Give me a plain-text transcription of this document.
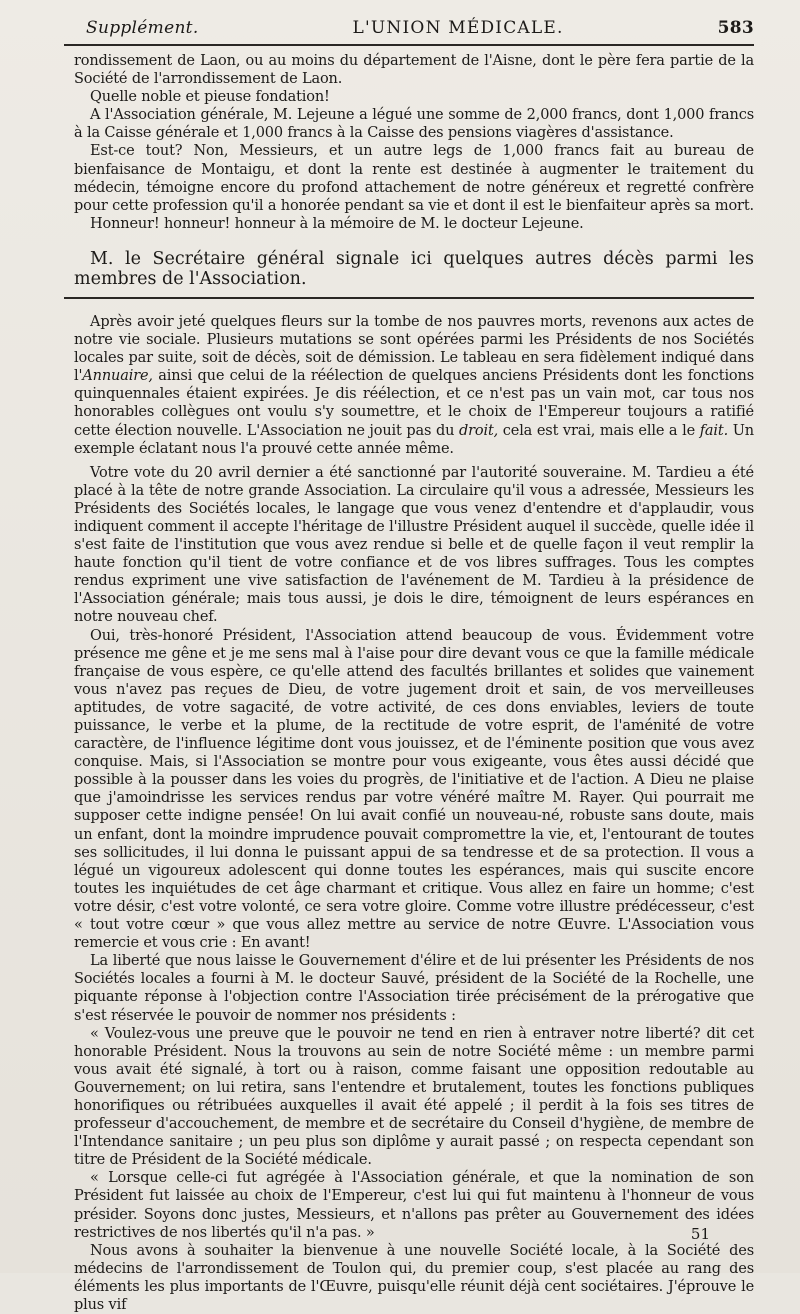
Supplément.	L'UNION MÉDICALE.	583

rondissement de Laon, ou au moins du département de l'Aisne, dont le père fera partie de la Société de l'arrondissement de Laon.

Quelle noble et pieuse fondation!

A l'Association générale, M. Lejeune a légué une somme de 2,000 francs, dont 1,000 francs à la Caisse générale et 1,000 francs à la Caisse des pensions viagères d'assistance.

Est-ce tout? Non, Messieurs, et un autre legs de 1,000 francs fait au bureau de bienfaisance de Montaigu, et dont la rente est destinée à augmenter le traitement du médecin, témoigne encore du profond attachement de notre généreux et regretté confrère pour cette profession qu'il a honorée pendant sa vie et dont il est le bienfaiteur après sa mort.

Honneur! honneur! honneur à la mémoire de M. le docteur Lejeune.

M. le Secrétaire général signale ici quelques autres décès parmi les membres de l'Association.

Après avoir jeté quelques fleurs sur la tombe de nos pauvres morts, revenons aux actes de notre vie sociale. Plusieurs mutations se sont opérées parmi les Présidents de nos Sociétés locales par suite, soit de décès, soit de démission. Le tableau en sera fidèlement indiqué dans l'Annuaire, ainsi que celui de la réélection de quelques anciens Présidents dont les fonctions quinquennales étaient expirées. Je dis réélection, et ce n'est pas un vain mot, car tous nos honorables collègues ont voulu s'y soumettre, et le choix de l'Empereur toujours a ratifié cette élection nouvelle. L'Association ne jouit pas du droit, cela est vrai, mais elle a le fait. Un exemple éclatant nous l'a prouvé cette année même.

Votre vote du 20 avril dernier a été sanctionné par l'autorité souveraine. M. Tardieu a été placé à la tête de notre grande Association. La circulaire qu'il vous a adressée, Messieurs les Présidents des Sociétés locales, le langage que vous venez d'entendre et d'applaudir, vous indiquent comment il accepte l'héritage de l'illustre Président auquel il succède, quelle idée il s'est faite de l'institution que vous avez rendue si belle et de quelle façon il veut remplir la haute fonction qu'il tient de votre confiance et de vos libres suffrages. Tous les comptes rendus expriment une vive satisfaction de l'avénement de M. Tardieu à la présidence de l'Association générale; mais tous aussi, je dois le dire, témoignent de leurs espérances en notre nouveau chef.

Oui, très-honoré Président, l'Association attend beaucoup de vous. Évidemment votre présence me gêne et je me sens mal à l'aise pour dire devant vous ce que la famille médicale française de vous espère, ce qu'elle attend des facultés brillantes et solides que vainement vous n'avez pas reçues de Dieu, de votre jugement droit et sain, de vos merveilleuses aptitudes, de votre sagacité, de votre activité, de ces dons enviables, leviers de toute puissance, le verbe et la plume, de la rectitude de votre esprit, de l'aménité de votre caractère, de l'influence légitime dont vous jouissez, et de l'éminente position que vous avez conquise. Mais, si l'Association se montre pour vous exigeante, vous êtes aussi décidé que possible à la pousser dans les voies du progrès, de l'initiative et de l'action. A Dieu ne plaise que j'amoindrisse les services rendus par votre vénéré maître M. Rayer. Qui pourrait me supposer cette indigne pensée! On lui avait confié un nouveau-né, robuste sans doute, mais un enfant, dont la moindre imprudence pouvait compromettre la vie, et, l'entourant de toutes ses sollicitudes, il lui donna le puissant appui de sa tendresse et de sa protection. Il vous a légué un vigoureux adolescent qui donne toutes les espérances, mais qui suscite encore toutes les inquiétudes de cet âge charmant et critique. Vous allez en faire un homme; c'est votre désir, c'est votre volonté, ce sera votre gloire. Comme votre illustre prédécesseur, c'est « tout votre cœur » que vous allez mettre au service de notre Œuvre. L'Association vous remercie et vous crie : En avant!

La liberté que nous laisse le Gouvernement d'élire et de lui présenter les Présidents de nos Sociétés locales a fourni à M. le docteur Sauvé, président de la Société de la Rochelle, une piquante réponse à l'objection contre l'Association tirée précisément de la prérogative que s'est réservée le pouvoir de nommer nos présidents :

« Voulez-vous une preuve que le pouvoir ne tend en rien à entraver notre liberté? dit cet honorable Président. Nous la trouvons au sein de notre Société même : un membre parmi vous avait été signalé, à tort ou à raison, comme faisant une opposition redoutable au Gouvernement; on lui retira, sans l'entendre et brutalement, toutes les fonctions publiques honorifiques ou rétribuées auxquelles il avait été appelé ; il perdit à la fois ses titres de professeur d'accouchement, de membre et de secrétaire du Conseil d'hygiène, de membre de l'Intendance sanitaire ; un peu plus son diplôme y aurait passé ; on respecta cependant son titre de Président de la Société médicale.

« Lorsque celle-ci fut agrégée à l'Association générale, et que la nomination de son Président fut laissée au choix de l'Empereur, c'est lui qui fut maintenu à l'honneur de vous présider. Soyons donc justes, Messieurs, et n'allons pas prêter au Gouvernement des idées restrictives de nos libertés qu'il n'a pas. »

Nous avons à souhaiter la bienvenue à une nouvelle Société locale, à la Société des médecins de l'arrondissement de Toulon qui, du premier coup, s'est placée au rang des éléments les plus importants de l'Œuvre, puisqu'elle réunit déjà cent sociétaires. J'éprouve le plus vif

51
